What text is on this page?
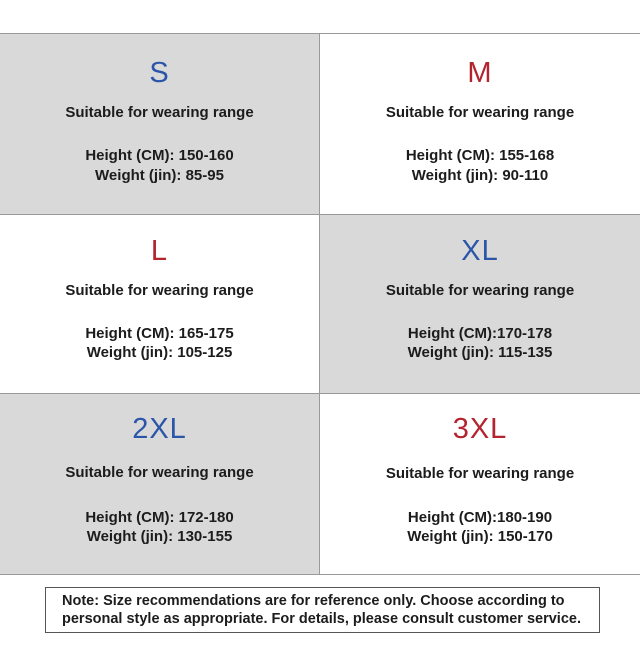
S
Suitable for wearing range
Height (CM): 150-160
Weight (jin): 85-95
M
Suitable for wearing range
Height (CM): 155-168
Weight (jin): 90-110
L
Suitable for wearing range
Height (CM): 165-175
Weight (jin): 105-125
XL
Suitable for wearing range
Height (CM):170-178
Weight (jin): 115-135
2XL
Suitable for wearing range
Height (CM): 172-180
Weight (jin): 130-155
3XL
Suitable for wearing range
Height (CM):180-190
Weight (jin): 150-170
Note: Size recommendations are for reference only. Choose according to
personal style as appropriate. For details, please consult customer service.
